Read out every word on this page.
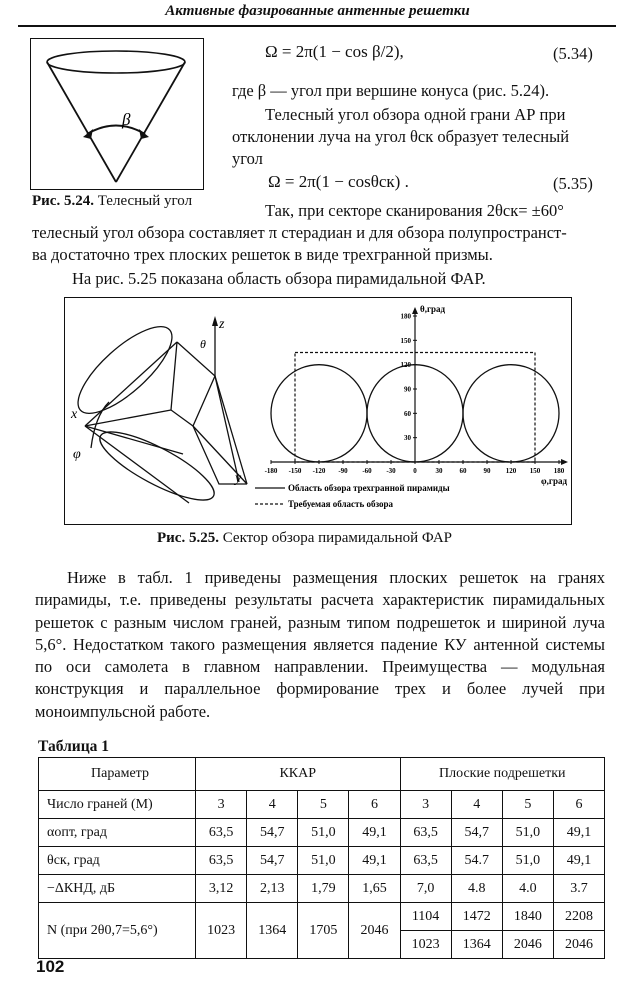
Активные фазированные антенные решетки
β
Рис. 5.24. Телесный угол
Ω = 2π(1 − cos β/2),	(5.34)
где β — угол при вершине конуса (рис. 5.24).
Телесный угол обзора одной грани АР при
отклонении луча на угол θск образует телесный
угол
Ω = 2π(1 − cosθск) .	(5.35)
Так, при секторе сканирования 2θск= ±60°
телесный угол обзора составляет π стерадиан и для обзора полупространст-
ва достаточно трех плоских решеток в виде трехгранной призмы.
На рис. 5.25 показана область обзора пирамидальной ФАР.
z
θ
x
φ
y
θ,град
φ,град
-180 -150 -120 -90 -60 -30	0	30 60 90 120 150 180
30
60
90
120
150
180
Область обзора трехгранной пирамиды
Требуемая область обзора
Рис. 5.25. Сектор обзора пирамидальной ФАР
Ниже в табл. 1 приведены размещения плоских решеток на гранях пирамиды, т.е. приведены результаты расчета характеристик пирамидальных решеток с разным числом граней, разным типом подрешеток и шириной луча 5,6°. Недостатком такого размещения является падение КУ антенной системы по оси самолета в главном направлении. Преимущества — модульная конструкция и параллельное формирование трех и более лучей при моноимпульсной работе.
Таблица 1
Параметр	ККАР				Плоские подрешетки			
Число граней (M)	3	4	5	6	3	4	5	6
αопт, град	63,5	54,7	51,0	49,1	63,5	54,7	51,0	49,1
θск, град	63,5	54,7	51,0	49,1	63,5	54.7	51,0	49,1
−ΔКНД, дБ	3,12	2,13	1,79	1,65	7,0	4.8	4.0	3.7
N (при 2θ0,7=5,6°)	1023	1364	1705	2046	1104	1472	1840	2208
					1023	1364	2046	2046
102
